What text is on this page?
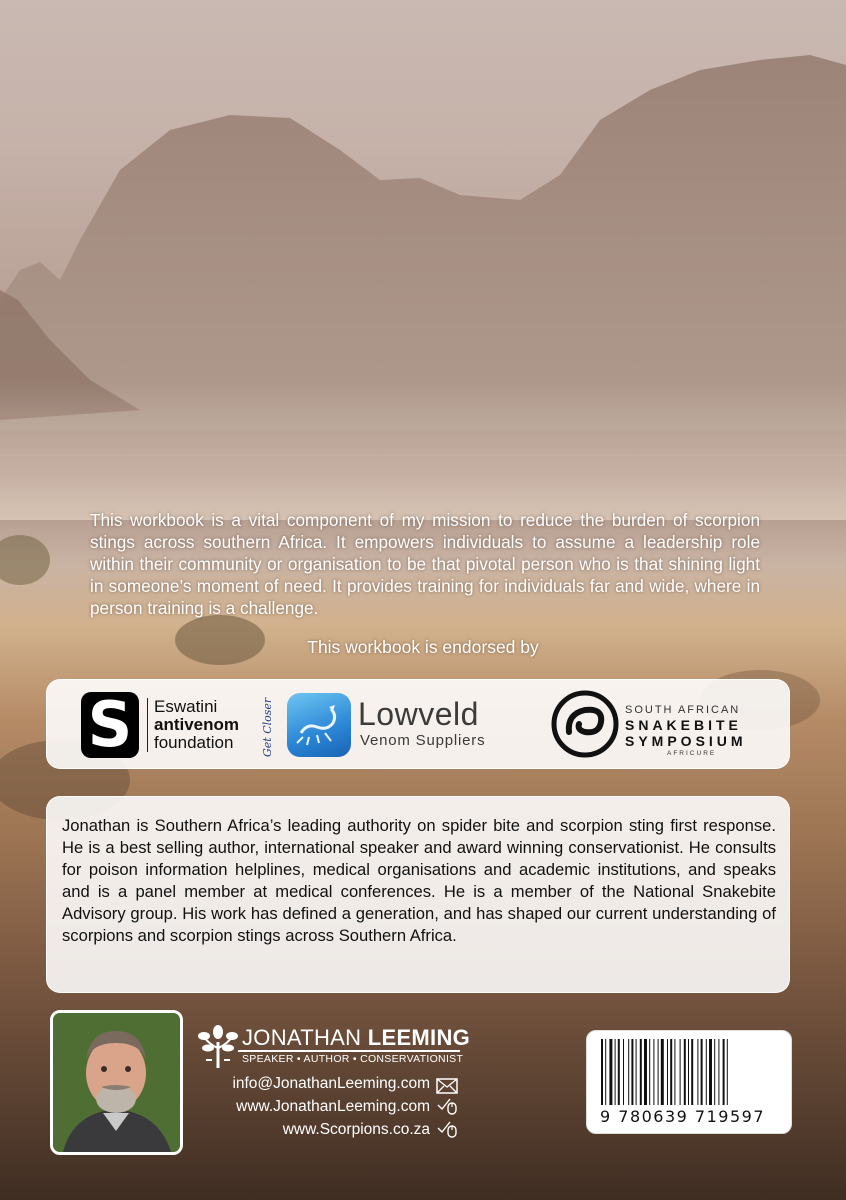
This workbook is a vital component of my mission to reduce the burden of scorpion stings across southern Africa. It empowers individuals to assume a leadership role within their community or organisation to be that pivotal person who is that shining light in someone’s moment of need. It provides training for individuals far and wide, where in person training is a challenge.
This workbook is endorsed by
S	Eswatini
antivenom
foundation	Get Closer	Lowveld
Venom Suppliers
SOUTH AFRICAN
SNAKEBITE
SYMPOSIUM
AFRICURE
Jonathan is Southern Africa’s leading authority on spider bite and scorpion sting first response. He is a best selling author, international speaker and award winning conservationist. He consults for poison information helplines, medical organisations and academic institutions, and speaks and is a panel member at medical conferences. He is a member of the National Snakebite Advisory group. His work has defined a generation, and has shaped our current understanding of scorpions and scorpion stings across Southern Africa.
JONATHAN LEEMING
SPEAKER • AUTHOR • CONSERVATIONIST
info@JonathanLeeming.com
www.JonathanLeeming.com
www.Scorpions.co.za
9 780639 719597
